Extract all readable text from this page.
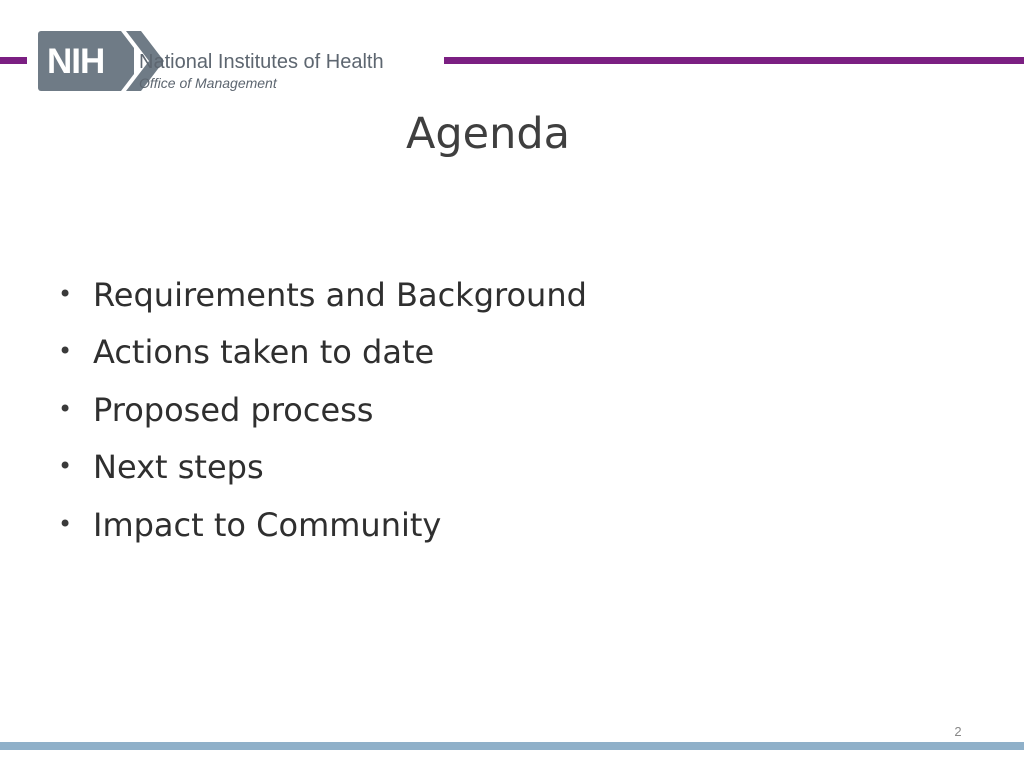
NIH National Institutes of Health
Office of Management
Agenda
• Requirements and Background
• Actions taken to date
• Proposed process
• Next steps
• Impact to Community
2
